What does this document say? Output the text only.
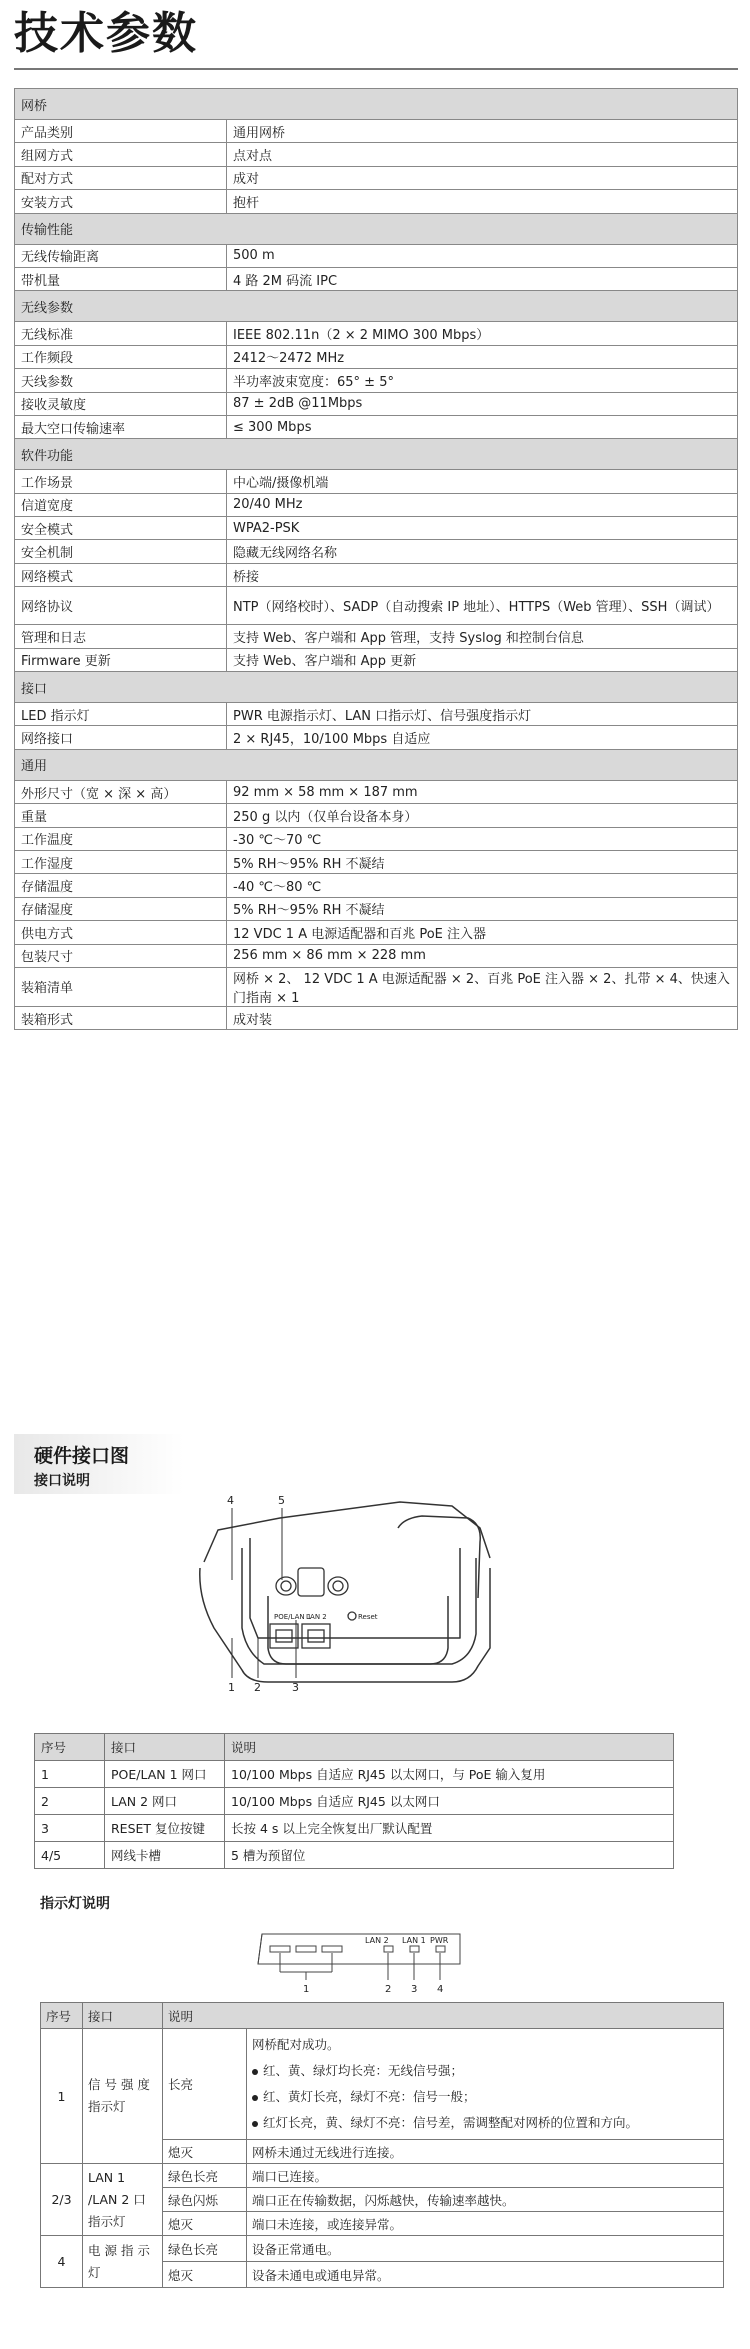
技术参数
网桥	
产品类别	通用网桥
组网方式	点对点
配对方式	成对
安装方式	抱杆
传输性能	
无线传输距离	500 m
带机量	4 路 2M 码流 IPC
无线参数	
无线标准	IEEE 802.11n（2 × 2 MIMO 300 Mbps）
工作频段	2412～2472 MHz
天线参数	半功率波束宽度：65° ± 5°
接收灵敏度	87 ± 2dB @11Mbps
最大空口传输速率	≤ 300 Mbps
软件功能	
工作场景	中心端/摄像机端
信道宽度	20/40 MHz
安全模式	WPA2-PSK
安全机制	隐藏无线网络名称
网络模式	桥接
网络协议	NTP（网络校时）、SADP（自动搜索 IP 地址）、HTTPS（Web 管理）、SSH（调试）
管理和日志	支持 Web、客户端和 App 管理，支持 Syslog 和控制台信息
Firmware 更新	支持 Web、客户端和 App 更新
接口	
LED 指示灯	PWR 电源指示灯、LAN 口指示灯、信号强度指示灯
网络接口	2 × RJ45，10/100 Mbps 自适应
通用	
外形尺寸（宽 × 深 × 高）	92 mm × 58 mm × 187 mm
重量	250 g 以内（仅单台设备本身）
工作温度	-30 ℃～70 ℃
工作湿度	5% RH～95% RH 不凝结
存储温度	-40 ℃～80 ℃
存储湿度	5% RH～95% RH 不凝结
供电方式	12 VDC 1 A 电源适配器和百兆 PoE 注入器
包装尺寸	256 mm × 86 mm × 228 mm
装箱清单	网桥 × 2、 12 VDC 1 A 电源适配器 × 2、百兆 PoE 注入器 × 2、扎带 × 4、快速入门指南 × 1
装箱形式	成对装
硬件接口图
接口说明
POE/LAN 1
LAN 2	Reset
4	5
1 2	3
序号	接口	说明
1	POE/LAN 1 网口	10/100 Mbps 自适应 RJ45 以太网口，与 PoE 输入复用
2	LAN 2 网口	10/100 Mbps 自适应 RJ45 以太网口
3	RESET 复位按键	长按 4 s 以上完全恢复出厂默认配置
4/5	网线卡槽	5 槽为预留位
指示灯说明
LAN 2 LAN 1 PWR
1	2 3 4
序号	接口	说明	
1	信 号 强 度 指示灯	长亮	网桥配对成功。
红、黄、绿灯均长亮：无线信号强；
红、黄灯长亮，绿灯不亮：信号一般；
红灯长亮，黄、绿灯不亮：信号差，需调整配对网桥的位置和方向。

		熄灭	网桥未通过无线进行连接。
2/3	LAN 1 /LAN 2 口 指示灯	绿色长亮	端口已连接。
		绿色闪烁	端口正在传输数据，闪烁越快，传输速率越快。
		熄灭	端口未连接，或连接异常。
4	电 源 指 示 灯	绿色长亮	设备正常通电。
		熄灭	设备未通电或通电异常。
